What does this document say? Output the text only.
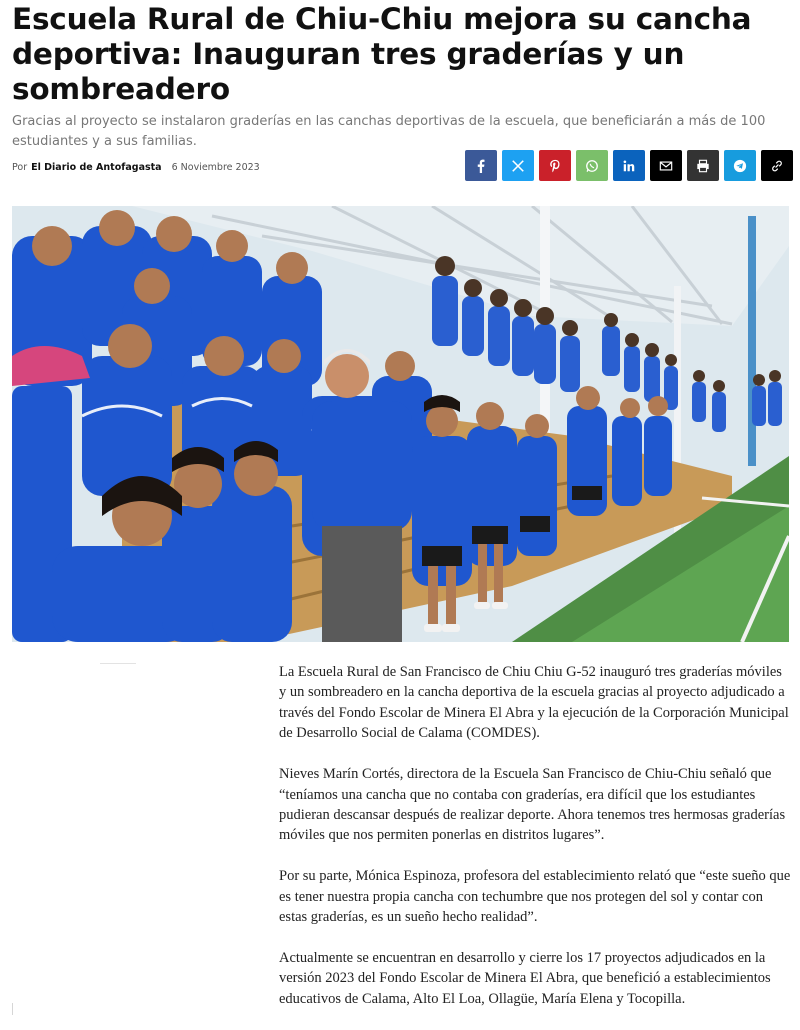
Escuela Rural de Chiu-Chiu mejora su cancha deportiva: Inauguran tres graderías y un sombreadero

Gracias al proyecto se instalaron graderías en las canchas deportivas de la escuela, que beneficiarán a más de 100 estudiantes y a sus familias.

Por El Diario de Antofagasta 6 Noviembre 2023

La Escuela Rural de San Francisco de Chiu Chiu G-52 inauguró tres graderías móviles y un sombreadero en la cancha deportiva de la escuela gracias al proyecto adjudicado a través del Fondo Escolar de Minera El Abra y la ejecución de la Corporación Municipal de Desarrollo Social de Calama (COMDES).

Nieves Marín Cortés, directora de la Escuela San Francisco de Chiu-Chiu señaló que “teníamos una cancha que no contaba con graderías, era difícil que los estudiantes pudieran descansar después de realizar deporte. Ahora tenemos tres hermosas graderías móviles que nos permiten ponerlas en distritos lugares”.

Por su parte, Mónica Espinoza, profesora del establecimiento relató que “este sueño que es tener nuestra propia cancha con techumbre que nos protegen del sol y contar con estas graderías, es un sueño hecho realidad”.

Actualmente se encuentran en desarrollo y cierre los 17 proyectos adjudicados en la versión 2023 del Fondo Escolar de Minera El Abra, que benefició a establecimientos educativos de Calama, Alto El Loa, Ollagüe, María Elena y Tocopilla.
